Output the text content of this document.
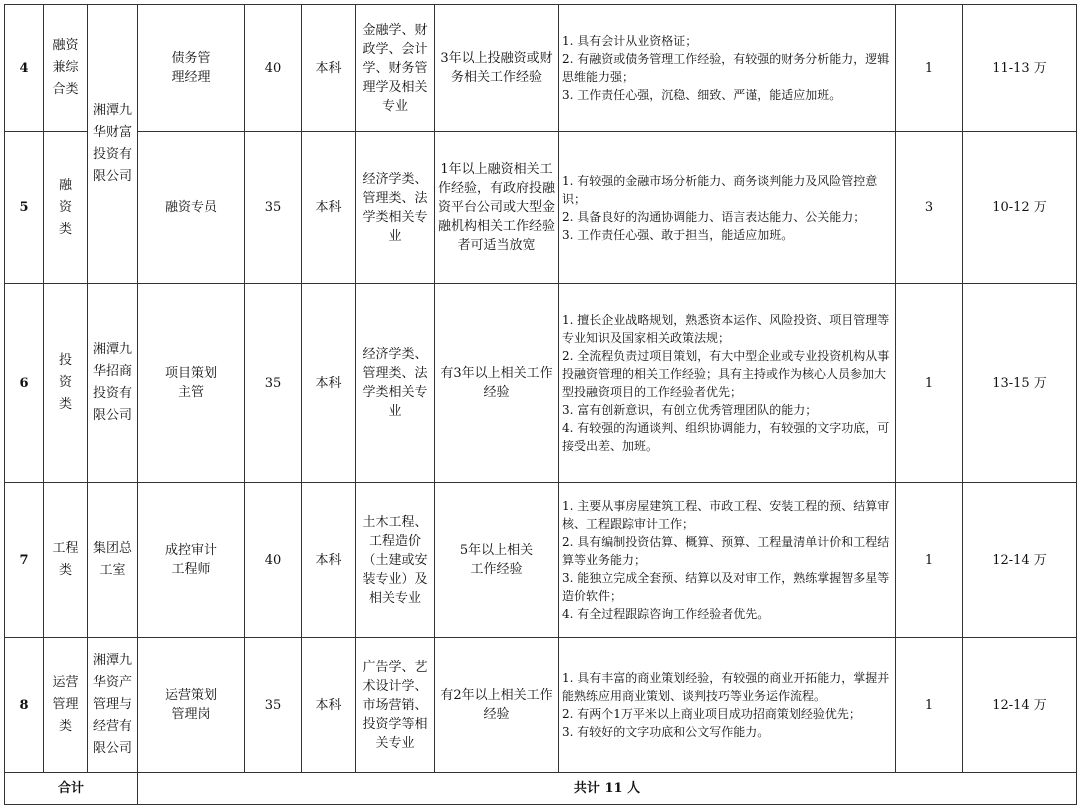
4	融资兼综合类	湘潭九华财富投资有限公司	债务管理经理	40	本科	金融学、财政学、会计学、财务管理学及相关专业	3年以上投融资或财务相关工作经验	1. 具有会计从业资格证；
2. 有融资或债务管理工作经验，有较强的财务分析能力，逻辑思维能力强；
3. 工作责任心强，沉稳、细致、严谨，能适应加班。	1	11-13 万
5	融资类		融资专员	35	本科	经济学类、管理类、法学类相关专业	1年以上融资相关工作经验，有政府投融资平台公司或大型金融机构相关工作经验者可适当放宽	1. 有较强的金融市场分析能力、商务谈判能力及风险管控意识；
2. 具备良好的沟通协调能力、语言表达能力、公关能力；
3. 工作责任心强、敢于担当，能适应加班。	3	10-12 万
6	投资类	湘潭九华招商投资有限公司	项目策划主管	35	本科	经济学类、管理类、法学类相关专业	有3年以上相关工作经验	1. 擅长企业战略规划，熟悉资本运作、风险投资、项目管理等专业知识及国家相关政策法规；
2. 全流程负责过项目策划，有大中型企业或专业投资机构从事投融资管理的相关工作经验；具有主持或作为核心人员参加大型投融资项目的工作经验者优先；
3. 富有创新意识，有创立优秀管理团队的能力；
4. 有较强的沟通谈判、组织协调能力，有较强的文字功底，可接受出差、加班。	1	13-15 万
7	工程类	集团总工室	成控审计工程师	40	本科	土木工程、工程造价（土建或安装专业）及相关专业	5年以上相关工作经验	1. 主要从事房屋建筑工程、市政工程、安装工程的预、结算审核、工程跟踪审计工作；
2. 具有编制投资估算、概算、预算、工程量清单计价和工程结算等业务能力；
3. 能独立完成全套预、结算以及对审工作，熟练掌握智多星等造价软件；
4. 有全过程跟踪咨询工作经验者优先。	1	12-14 万
8	运营管理类	湘潭九华资产管理与经营有限公司	运营策划管理岗	35	本科	广告学、艺术设计学、市场营销、投资学等相关专业	有2年以上相关工作经验	1. 具有丰富的商业策划经验，有较强的商业开拓能力，掌握并能熟练应用商业策划、谈判技巧等业务运作流程。
2. 有两个1万平米以上商业项目成功招商策划经验优先；
3. 有较好的文字功底和公文写作能力。	1	12-14 万
合计			共计 11 人							
